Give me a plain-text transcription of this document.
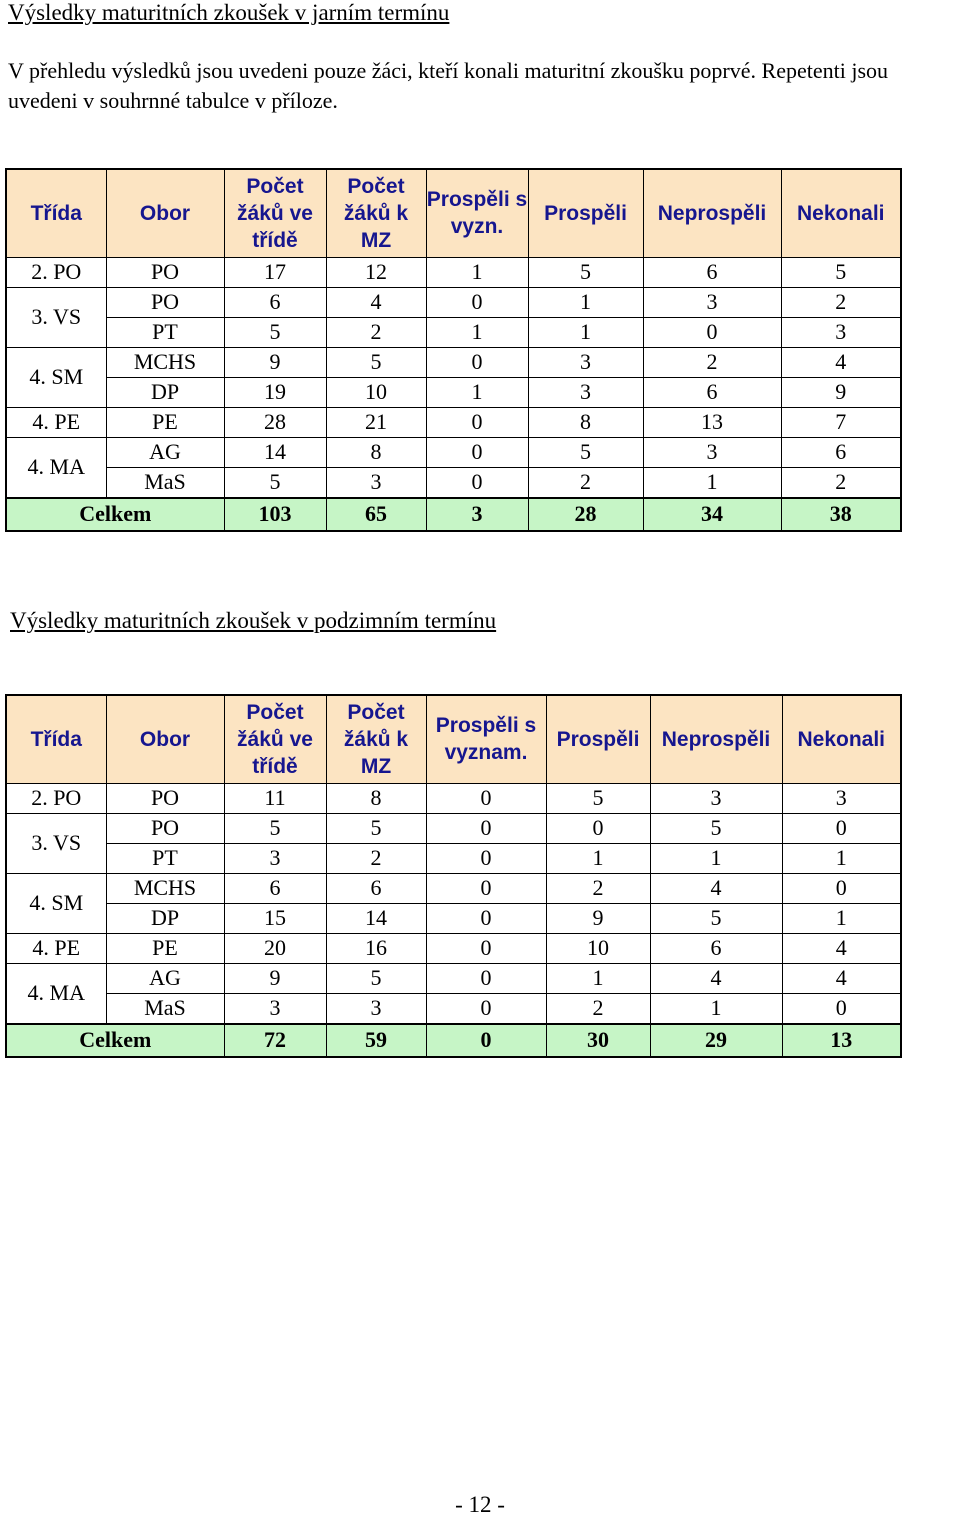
Výsledky maturitních zkoušek v jarním termínu
V přehledu výsledků jsou uvedeni pouze žáci, kteří konali maturitní zkoušku poprvé. Repetenti jsou uvedeni v souhrnné tabulce v příloze.
Třída	Obor	Počet žáků ve třídě	Počet žáků k MZ	Prospěli s vyzn.	Prospěli	Neprospěli	Nekonali
2. PO	PO	17	12	1	5	6	5
3. VS	PO	6	4	0	1	3	2
	PT	5	2	1	1	0	3
4. SM	MCHS	9	5	0	3	2	4
	DP	19	10	1	3	6	9
4. PE	PE	28	21	0	8	13	7
4. MA	AG	14	8	0	5	3	6
	MaS	5	3	0	2	1	2
Celkem		103	65	3	28	34	38
Výsledky maturitních zkoušek v podzimním termínu
Třída	Obor	Počet žáků ve třídě	Počet žáků k MZ	Prospěli s vyznam.	Prospěli	Neprospěli	Nekonali
2. PO	PO	11	8	0	5	3	3
3. VS	PO	5	5	0	0	5	0
	PT	3	2	0	1	1	1
4. SM	MCHS	6	6	0	2	4	0
	DP	15	14	0	9	5	1
4. PE	PE	20	16	0	10	6	4
4. MA	AG	9	5	0	1	4	4
	MaS	3	3	0	2	1	0
Celkem		72	59	0	30	29	13
- 12 -
